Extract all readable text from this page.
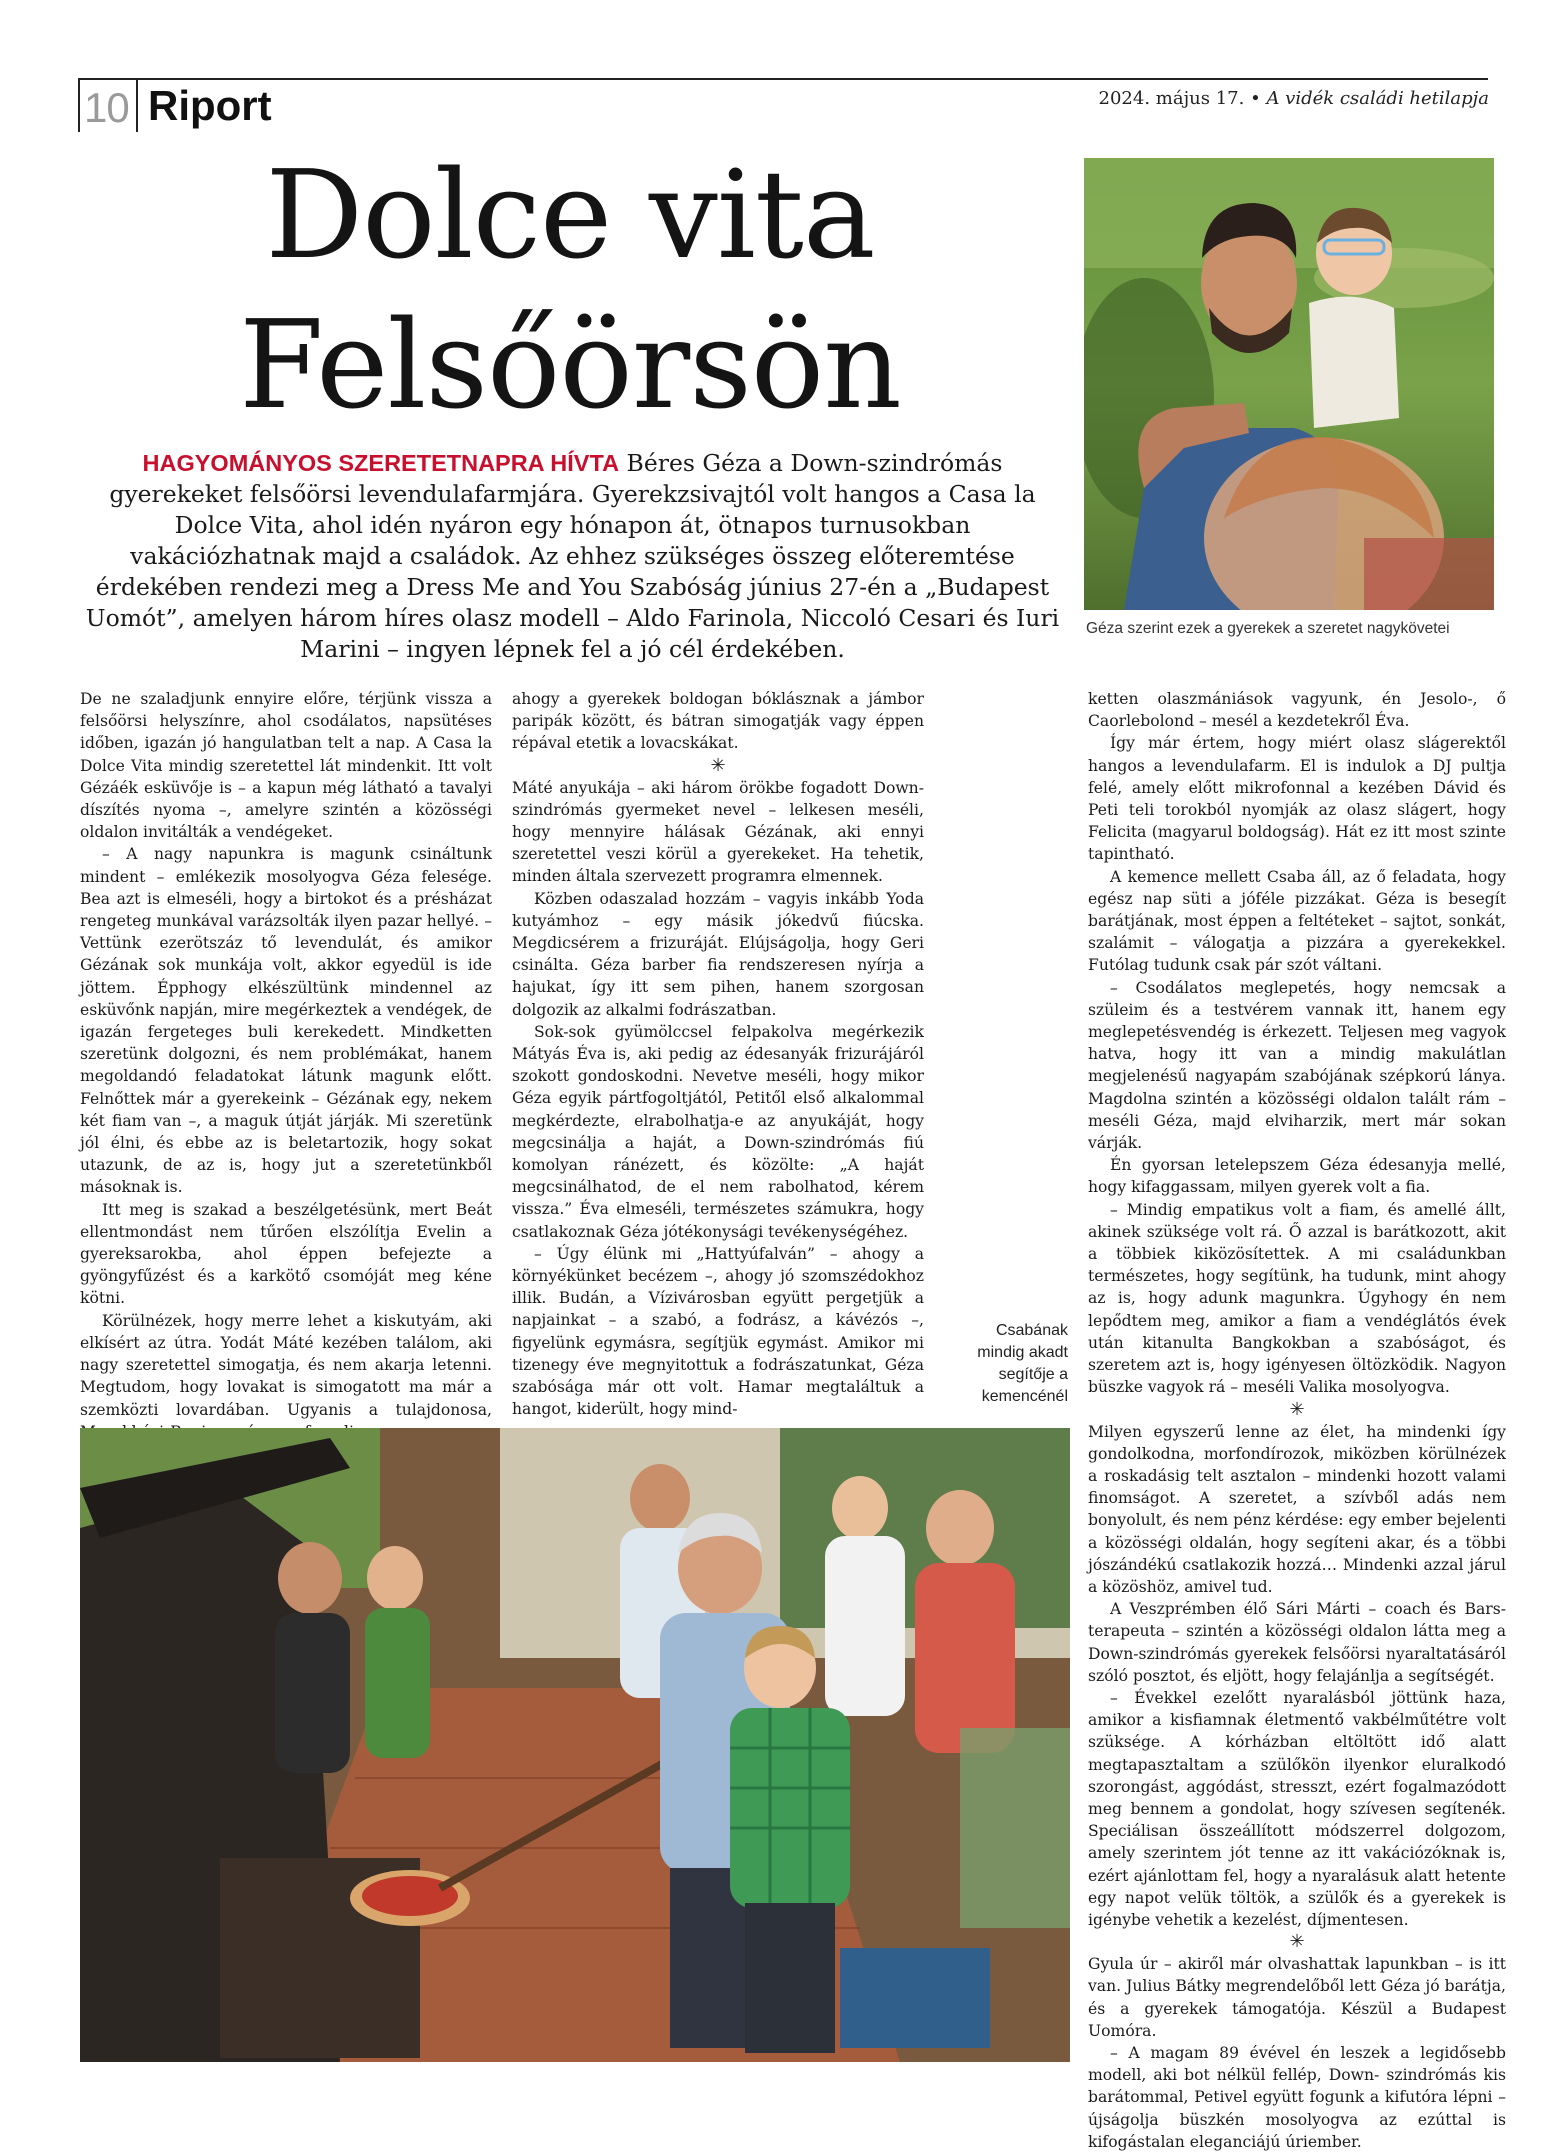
10 Riport	2024. május 17. • A vidék családi hetilapja
Dolce vita
Felsőörsön
HAGYOMÁNYOS SZERETETNAPRA HÍVTA Béres Géza a Down-szindrómás gyerekeket felsőörsi levendulafarmjára. Gyerekzsivajtól volt hangos a Casa la Dolce Vita, ahol idén nyáron egy hónapon át, ötnapos turnusokban vakációzhatnak majd a családok. Az ehhez szükséges összeg előteremtése érdekében rendezi meg a Dress Me and You Szabóság június 27-én a „Budapest Uomót”, amelyen három híres olasz modell – Aldo Farinola, Niccoló Cesari és Iuri Marini – ingyen lépnek fel a jó cél érdekében.
Géza szerint ezek a gyerekek a szeretet nagykövetei

De ne szaladjunk ennyire előre, térjünk vissza a felsőörsi helyszínre, ahol csodálatos, napsütéses időben, igazán jó hangulatban telt a nap. A Casa la Dolce Vita mindig szeretettel lát mindenkit. Itt volt Gézáék esküvője is – a kapun még látható a tavalyi díszítés nyoma –, amelyre szintén a közösségi oldalon invitálták a vendégeket.

– A nagy napunkra is magunk csináltunk mindent – emlékezik mosolyogva Géza felesége. Bea azt is elmeséli, hogy a birtokot és a présházat rengeteg munkával varázsolták ilyen pazar hellyé. – Vettünk ezerötszáz tő levendulát, és amikor Gézának sok munkája volt, akkor egyedül is ide jöttem. Épphogy elkészültünk mindennel az esküvőnk napján, mire megérkeztek a vendégek, de igazán fergeteges buli kerekedett. Mindketten szeretünk dolgozni, és nem problémákat, hanem megoldandó feladatokat látunk magunk előtt. Felnőttek már a gyerekeink – Gézának egy, nekem két fiam van –, a maguk útját járják. Mi szeretünk jól élni, és ebbe az is beletartozik, hogy sokat utazunk, de az is, hogy jut a szeretetünkből másoknak is.

Itt meg is szakad a beszélgetésünk, mert Beát ellentmondást nem tűrően elszólítja Evelin a gyereksarokba, ahol éppen befejezte a gyöngyfűzést és a karkötő csomóját meg kéne kötni.

Körülnézek, hogy merre lehet a kiskutyám, aki elkísért az útra. Yodát Máté kezében találom, aki nagy szeretettel simogatja, és nem akarja letenni. Megtudom, hogy lovakat is simogatott ma már a szemközti lovardában. Ugyanis a tulajdonosa,

ahogy a gyerekek boldogan bóklásznak a jámbor paripák között, és bátran simogatják vagy éppen répával etetik a lovacskákat.

✳

Máté anyukája – aki három örökbe fogadott Down-szindrómás gyermeket nevel – lelkesen meséli, hogy mennyire hálásak Gézának, aki ennyi szeretettel veszi körül a gyerekeket. Ha tehetik, minden általa szervezett programra elmennek.

Közben odaszalad hozzám – vagyis inkább Yoda kutyámhoz – egy másik jókedvű fiúcska. Megdicsérem a frizuráját. Elújságolja, hogy Geri csinálta. Géza barber fia rendszeresen nyírja a hajukat, így itt sem pihen, hanem szorgosan dolgozik az alkalmi fodrászatban.

Sok-sok gyümölccsel felpakolva megérkezik Mátyás Éva is, aki pedig az édesanyák frizurájáról szokott gondoskodni. Nevetve meséli, hogy mikor Géza egyik pártfogoltjától, Petitől első alkalommal megkérdezte, elrabolhatja-e az anyukáját, hogy megcsinálja a haját, a Down-szindrómás fiú komolyan ránézett, és közölte: „A haját megcsinálhatod, de el nem rabolhatod, kérem vissza.” Éva elmeséli, természetes számukra, hogy csatlakoznak Géza jótékonysági tevékenységéhez.

– Úgy élünk mi „Hattyúfalván” – ahogy a környékünket becézem –, ahogy jó szomszédokhoz illik. Budán, a Vízivárosban együtt pergetjük a napjainkat – a szabó, a fodrász, a kávézós –, figyelünk egymásra, segítjük egymást. Amikor mi tizenegy éve megnyitottuk a fodrászatunkat, Géza szabósága már ott volt. Hamar megtaláltuk a hangot, kiderült, hogy mind-

ketten olaszmániások vagyunk, én Jesolo-, ő Caorlebolond – mesél a kezdetekről Éva.

Így már értem, hogy miért olasz slágerektől hangos a levendulafarm. El is indulok a DJ pultja felé, amely előtt mikrofonnal a kezében Dávid és Peti teli torokból nyomják az olasz slágert, hogy Felicita (magyarul boldogság). Hát ez itt most szinte tapintható.

A kemence mellett Csaba áll, az ő feladata, hogy egész nap süti a jóféle pizzákat. Géza is besegít barátjának, most éppen a feltéteket – sajtot, sonkát, szalámit – válogatja a pizzára a gyerekekkel. Futólag tudunk csak pár szót váltani.

– Csodálatos meglepetés, hogy nemcsak a szüleim és a testvérem vannak itt, hanem egy meglepetésvendég is érkezett. Teljesen meg vagyok hatva, hogy itt van a mindig makulátlan megjelenésű nagyapám szabójának szépkorú lánya. Magdolna szintén a közösségi oldalon talált rám – meséli Géza, majd elviharzik, mert már sokan várják.

Én gyorsan letelepszem Géza édesanyja mellé, hogy kifaggassam, milyen gyerek volt a fia.

– Mindig empatikus volt a fiam, és amellé állt, akinek szüksége volt rá. Ő azzal is barátkozott, akit a többiek kiközösítettek. A mi családunkban természetes, hogy segítünk, ha tudunk, mint ahogy az is, hogy adunk magunkra. Úgyhogy én nem lepődtem meg, amikor a fiam a vendéglátós évek után kitanulta Bangkokban a szabóságot, és szeretem azt is, hogy igényesen öltözködik. Nagyon büszke vagyok rá – meséli Valika mosolyogva.

✳

Milyen egyszerű lenne az élet, ha mindenki így gondolkodna, morfondírozok, miközben körülnézek a roskadásig telt asztalon – mindenki hozott valami finomságot. A szeretet, a szívből adás nem bonyolult, és nem pénz kérdése: egy ember bejelenti a közösségi oldalán, hogy segíteni akar, és a többi jószándékú csatlakozik hozzá… Mindenki azzal járul a közöshöz, amivel tud.

A Veszprémben élő Sári Márti – coach és Bars-terapeuta – szintén a közösségi oldalon látta meg a Down-szindrómás gyerekek felsőörsi nyaraltatásáról szóló posztot, és eljött, hogy felajánlja a segítségét.

– Évekkel ezelőtt nyaralásból jöttünk haza, amikor a kisfiamnak életmentő vakbélműtétre volt szüksége. A kórházban eltöltött idő alatt megtapasztaltam a szülőkön ilyenkor eluralkodó szorongást, aggódást, stresszt, ezért fogalmazódott meg bennem a gondolat, hogy szívesen segítenék. Speciálisan összeállított módszerrel dolgozom, amely szerintem jót tenne az itt vakációzóknak is, ezért ajánlottam fel, hogy a nyaralásuk alatt hetente egy napot velük töltök, a szülők és a gyerekek is igénybe vehetik a kezelést, díjmentesen.

✳

Gyula úr – akiről már olvashattak lapunkban – is itt van. Julius Bátky megrendelőből lett Géza jó barátja, és a gyerekek támogatója. Készül a Budapest Uomóra.

– A magam 89 évével én leszek a legidősebb modell, aki bot nélkül fellép, Down- szindrómás kis barátommal, Petivel együtt fogunk a kifutóra lépni – újságolja büszkén mosolyogva az ezúttal is kifogástalan eleganciájú úriember.

Csabának mindig akadt segítője a kemencénél
